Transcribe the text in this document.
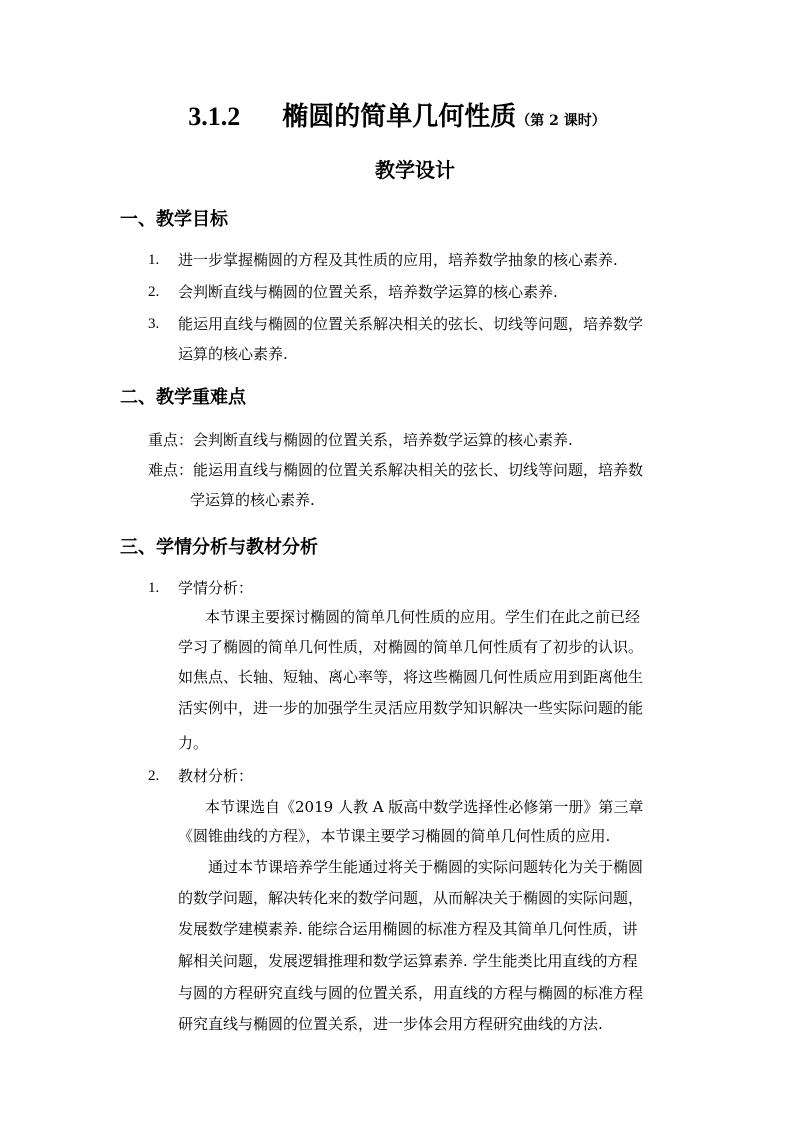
3.1.2 椭圆的简单几何性质（第 2 课时）
教学设计
一、教学目标
1. 进一步掌握椭圆的方程及其性质的应用，培养数学抽象的核心素养.
2. 会判断直线与椭圆的位置关系，培养数学运算的核心素养.
3. 能运用直线与椭圆的位置关系解决相关的弦长、切线等问题，培养数学
运算的核心素养.
二、教学重难点
重点：会判断直线与椭圆的位置关系，培养数学运算的核心素养.
难点：能运用直线与椭圆的位置关系解决相关的弦长、切线等问题，培养数
学运算的核心素养.
三、学情分析与教材分析
1. 学情分析：
本节课主要探讨椭圆的简单几何性质的应用。学生们在此之前已经
学习了椭圆的简单几何性质，对椭圆的简单几何性质有了初步的认识。
如焦点、长轴、短轴、离心率等，将这些椭圆几何性质应用到距离他生
活实例中，进一步的加强学生灵活应用数学知识解决一些实际问题的能
力。
2. 教材分析：
本节课选自《2019 人教 A 版高中数学选择性必修第一册》第三章
《圆锥曲线的方程》，本节课主要学习椭圆的简单几何性质的应用.
通过本节课培养学生能通过将关于椭圆的实际问题转化为关于椭圆
的数学问题，解决转化来的数学问题，从而解决关于椭圆的实际问题，
发展数学建模素养. 能综合运用椭圆的标准方程及其简单几何性质，讲
解相关问题，发展逻辑推理和数学运算素养. 学生能类比用直线的方程
与圆的方程研究直线与圆的位置关系，用直线的方程与椭圆的标准方程
研究直线与椭圆的位置关系，进一步体会用方程研究曲线的方法.
